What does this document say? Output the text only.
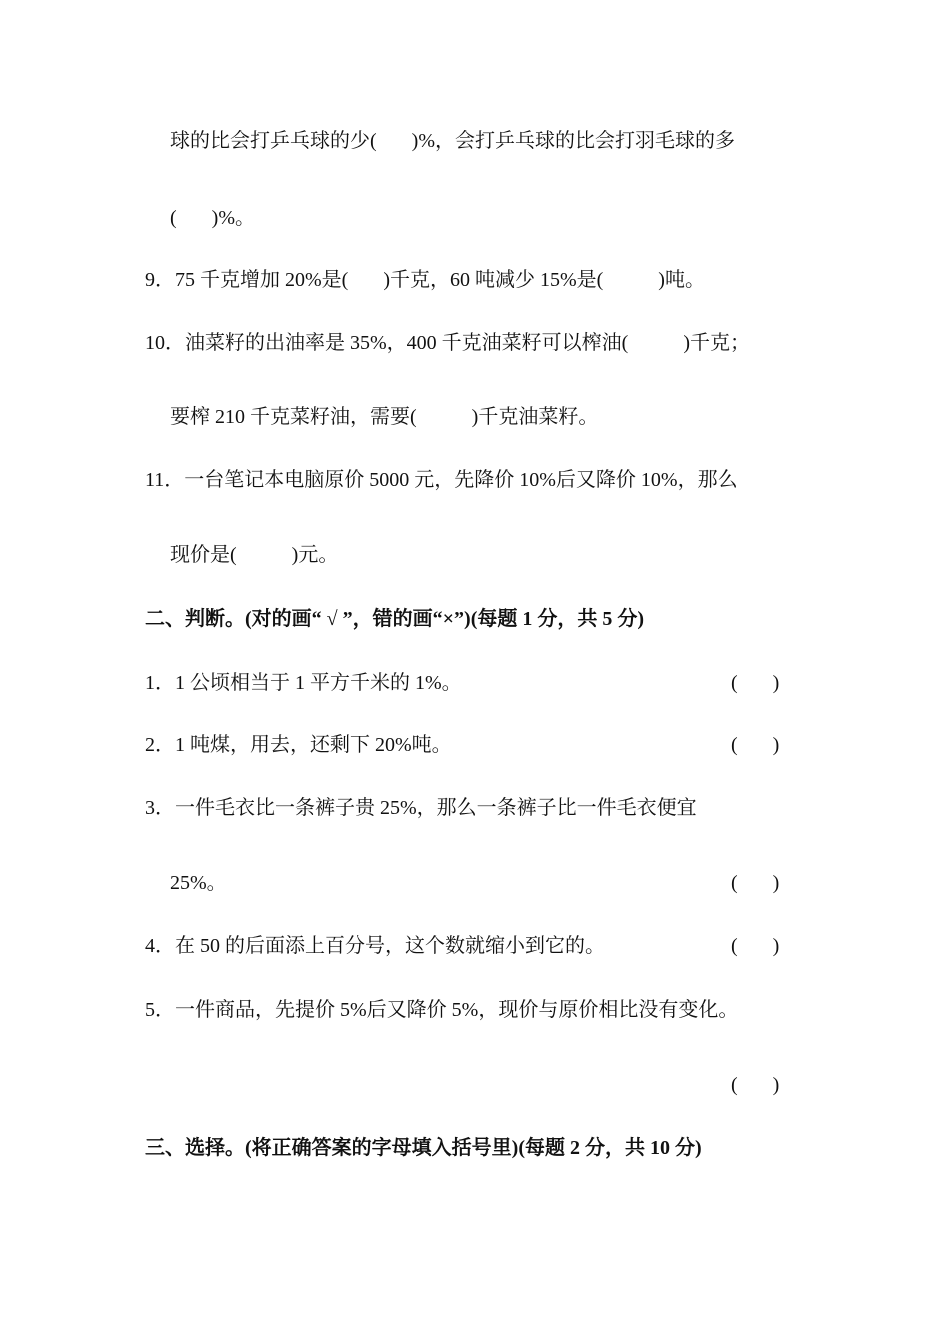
球的比会打乒乓球的少(       )%，会打乒乓球的比会打羽毛球的多
(       )%。
9．75 千克增加 20%是(       )千克，60 吨减少 15%是(           )吨。
10．油菜籽的出油率是 35%，400 千克油菜籽可以榨油(           )千克；
要榨 210 千克菜籽油，需要(           )千克油菜籽。
11．一台笔记本电脑原价 5000 元，先降价 10%后又降价 10%，那么
现价是(           )元。
二、判断。(对的画“ √ ”，错的画“×”)(每题 1 分，共 5 分)
1．1 公顷相当于 1 平方千米的 1%。	(       )
2．1 吨煤，用去，还剩下 20%吨。	(       )
3．一件毛衣比一条裤子贵 25%，那么一条裤子比一件毛衣便宜
25%。	(       )
4．在 50 的后面添上百分号，这个数就缩小到它的。	(       )
5．一件商品，先提价 5%后又降价 5%，现价与原价相比没有变化。
(       )
三、选择。(将正确答案的字母填入括号里)(每题 2 分，共 10 分)
